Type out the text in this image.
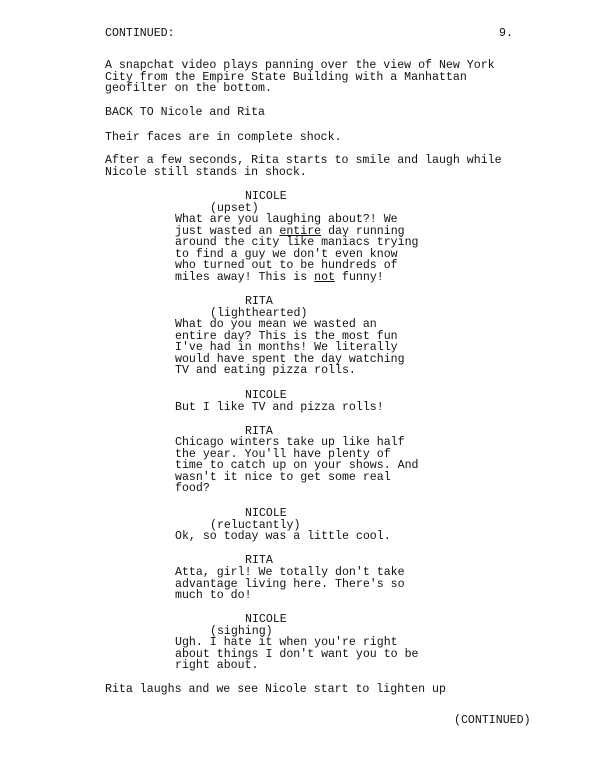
CONTINUED:	9.
A snapchat video plays panning over the view of New York
City from the Empire State Building with a Manhattan
geofilter on the bottom.
BACK TO Nicole and Rita
Their faces are in complete shock.
After a few seconds, Rita starts to smile and laugh while
Nicole still stands in shock.
NICOLE
(upset)
What are you laughing about?! We
just wasted an entire day running
around the city like maniacs trying
to find a guy we don't even know
who turned out to be hundreds of
miles away! This is not funny!
RITA
(lighthearted)
What do you mean we wasted an
entire day? This is the most fun
I've had in months! We literally
would have spent the day watching
TV and eating pizza rolls.
NICOLE
But I like TV and pizza rolls!
RITA
Chicago winters take up like half
the year. You'll have plenty of
time to catch up on your shows. And
wasn't it nice to get some real
food?
NICOLE
(reluctantly)
Ok, so today was a little cool.
RITA
Atta, girl! We totally don't take
advantage living here. There's so
much to do!
NICOLE
(sighing)
Ugh. I hate it when you're right
about things I don't want you to be
right about.
Rita laughs and we see Nicole start to lighten up
(CONTINUED)
